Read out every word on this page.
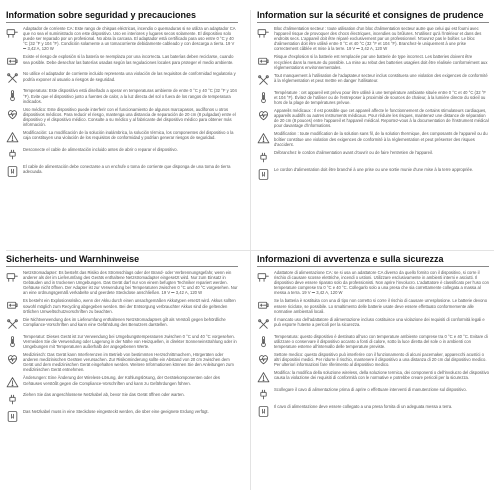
Information sobre seguridad y precauciones
Adaptador de corriente CA: Este rango de chispas eléctricas, incendio o quemaduras si se utiliza un adaptador CA que no sea el suministrado con este dispositivo. Uso en interiores y lugares secos solamente. El dispositivo solo puede ser reparado por un profesional. No abra la carcasa. El adaptador está certificado para uso entre 0 °C y 40 °C (32 °F y 104 °F). Condición solamente a un tomacorriente debidamente cableado y con descarga a tierra. 19 V ⎓ 3,42 A, 120 W
Existe el riesgo de explosión si la batería se reemplaza por una incorrecta. Las baterías deben reciclarse, cuando sea posible. Debe desechar las baterías usadas según las regulaciones locales para proteger el medio ambiente.
No utilice el adaptador de corriente incluido representa una violación de las requisitos de conformidad regulatoria y podría exponer al usuario a riesgos de seguridad.
Temperatura: Este dispositivo está diseñado a operar en temperaturas ambiente de entre 0 °C y 40 °C (32 °F y 104 °F). Evite que el dispositivo junto a fuentes de calor, a la luz directa del sol o fuera de los rangos de temperatura indicados.
Uso médico: Este dispositivo puede interferir con el funcionamiento de algunos marcapasos, audífonos u otros dispositivos médicos. Para reducir el riesgo, mantenga una distancia de separación de 20 cm (8 pulgadas) entre el dispositivo y el dispositivo médico. Consulte a su médico y al fabricante del dispositivo médico para obtener más información.
Modificación: La modificación de la solución inalámbrica, la solución térmica, los componentes del dispositivo o la caja constituyen una violación de los requisitos de conformidad y podrían generar riesgos de seguridad.
Desconecte el cable de alimentación incluido antes de abrir o reparar el dispositivo.
El cable de alimentación debe conectarse a un enchufe o toma de corriente que disponga de una toma de tierra adecuada.
Information sur la sécurité et consignes de prudence
Bloc d'alimentation secteur : toute utilisation d'un bloc d'alimentation secteur autre que celui qui est fourni avec l'appareil risque de provoquer des chocs électriques, incendies ou brûlures. N'utilisez qu'à l'intérieur et dans des endroits secs. L'appareil doit être réparé exclusivement par un professionnel. N'ouvrez pas le boîtier. Le bloc d'alimentation doit être utilisé entre 0 °C et 40 °C (32 °F et 104 °F). Branchez-le uniquement à une prise correctement câblée et mise à la terre. 19 V ⎓ 3,42 A, 120 W
Risque d'explosion si la batterie est remplacée par une batterie de type incorrect. Les batteries doivent être recyclées dans la mesure du possible. La mise au rebut des batteries usagées doit être réalisée conformément aux réglementations environnementales.
Tout manquement à l'utilisation de l'adaptateur secteur inclus constituera une violation des exigences de conformité à la réglementation et peut mettre en danger l'utilisateur.
Température : cet appareil est prévu pour être utilisé à une température ambiante située entre 0 °C et 40 °C (32 °F et 104 °F). Évitez de l'utiliser ou de l'entreposer à proximité de sources de chaleur, à la lumière directe du soleil ou hors de la plage de températures prévue.
Appareils médicaux : Il est possible que cet appareil affecte le fonctionnement de certains stimulateurs cardiaques, appareils auditifs ou autres instruments médicaux. Pour réduire les risques, maintenez une distance de séparation de 20 cm (8 pouces) entre l'appareil et l'appareil médical. Reportez-vous à la documentation de l'instrument médical pour davantage d'informations.
Modification : toute modification de la solution sans fil, de la solution thermique, des composants de l'appareil ou du boîtier constitue une violation des exigences de conformité à la réglementation et peut présenter des risques d'accident.
Débranchez le cordon d'alimentation avant d'ouvrir ou de faire l'entretien de l'appareil.
Le cordon d'alimentation doit être branché à une prise ou une sortie munie d'une mise à la terre appropriée.
Sicherheits- und Warnhinweise
Netzstromadapter: Es besteht das Risiko des Stromschlags oder der Brand- oder Verbrennungsgefahr, wenn ein anderer als der im Lieferumfang des Geräts enthaltene Netzstromadapter eingesetzt wird. Nur zum Einsatz in Gebäuden und in trockenen Umgebungen. Das Gerät darf nur von einem befugten Techniker repariert werden. Gehäuse nicht öffnen. Der Adapter ist zur Verwendung bei Temperaturen zwischen 0 °C und 40 °C vorgesehen. Nur an eine ordnungsgemäß verkabelte und geerdete Steckdose anschließen. 19 V ⎓ 3,42 A, 120 W
Es besteht ein Explosionsrisiko, wenn der Akku durch einen unsachgemäßen Akkutypen ersetzt wird. Akkus sollten sowohl möglich zum Recycling abgegeben werden. Bei der Entsorgung verbrauchter Akkus sind die geltenden örtlichen Umweltschutzvorschriften zu beachten.
Die Nichtverwendung des im Lieferumfang enthaltenen Netzstromadapters gilt als Verstoß gegen behördliche Compliance-Vorschriften und kann eine Gefährdung des Benutzers darstellen.
Temperatur: Dieses Gerät ist zur Verwendung bei Umgebungstemperaturen zwischen 0 °C und 40 °C vorgesehen. Vermeiden Sie die Verwendung oder Lagerung in der Nähe von Heizquellen, in direkter Sonneneinstrahlung oder in Umgebungen mit Temperaturen außerhalb der angegebenen Werte.
Medizinisch: Das Gerät kann Interferenzen im Betrieb von bestimmten Herzschrittmachern, Hörgeräten oder anderen medizinischen Geräten verursachen. Zur Risikominderung sollte ein Abstand von 20 cm zwischen dem Gerät und dem medizinischen Gerät eingehalten werden. Weitere Informationen können Sie den Anleitungen zum medizinischen Gerät entnehmen.
Änderungen: Eine Änderung der Wireless-Lösung, der Kühlungslösung, der Gerätekomponenten oder des Gehäuses verstößt gegen die Compliance-Vorschriften und kann zu Gefährdungen führen.
Ziehen Sie das angeschlossene Netzkabel ab, bevor Sie das Gerät öffnen oder warten.
Das Netzkabel muss in eine Steckdose eingesteckt werden, die über eine geeignete Erdung verfügt.
Informazioni di avvertenza e sulla sicurezza
Adattatore di alimentazione CA: se si usa un adattatore CA diverso da quello fornito con il dispositivo, si corre il rischio di causare scosse elettriche, incendi o ustioni. Utilizzare esclusivamente in ambienti interni e asciutti. Il dispositivo deve essere riparato solo da professionisti. Non aprire l'involucro. L'adattatore è classificato per l'uso con temperature comprese tra 0 °C e 40 °C. Collegarlo solo a una presa che sia correttamente collegata a massa al messa a terra. 19 V ⎓ 3,42 A, 120 W
Se la batteria è sostituita con una di tipo non corretto si corre il rischio di causare un'esplosione. Le batterie devono essere riciclate, se possibile. Lo smaltimento delle batterie usate deve essere effettuato conformemente alle normative ambientali locali.
Il mancato uso dell'adattatore di alimentazione incluso costituisce una violazione dei requisiti di conformità legali e può esporre l'utente a pericoli per la sicurezza.
Temperatura: questo dispositivo è destinato all'uso con temperature ambiente comprese tra 0 °C e 40 °C. Evitare di utilizzare o conservare il dispositivo accanto a fonti di calore, sotto la luce diretta del sole o in ambienti con temperature esterne all'intervallo delle temperature previste.
Settore medico: questo dispositivo può interferire con il funzionamento di alcuni pacemaker, apparecchi acustici o altri dispositivi medici. Per ridurre il rischio, mantenere il dispositivo a una distanza di 20 cm dal dispositivo medico. Per ulteriori informazioni fare riferimento al dispositivo medico.
Modifica: la modifica della soluzione wireless, della soluzione termica, dei componenti o dell'involucro del dispositivo causa la violazione dei requisiti di conformità con le normative e potrebbe creare pericoli per la sicurezza.
Scollegare il cavo di alimentazione prima di aprire o effettuare interventi di manutenzione sul dispositivo.
Il cavo di alimentazione deve essere collegato a una presa fornita di un adeguata messa a terra.
